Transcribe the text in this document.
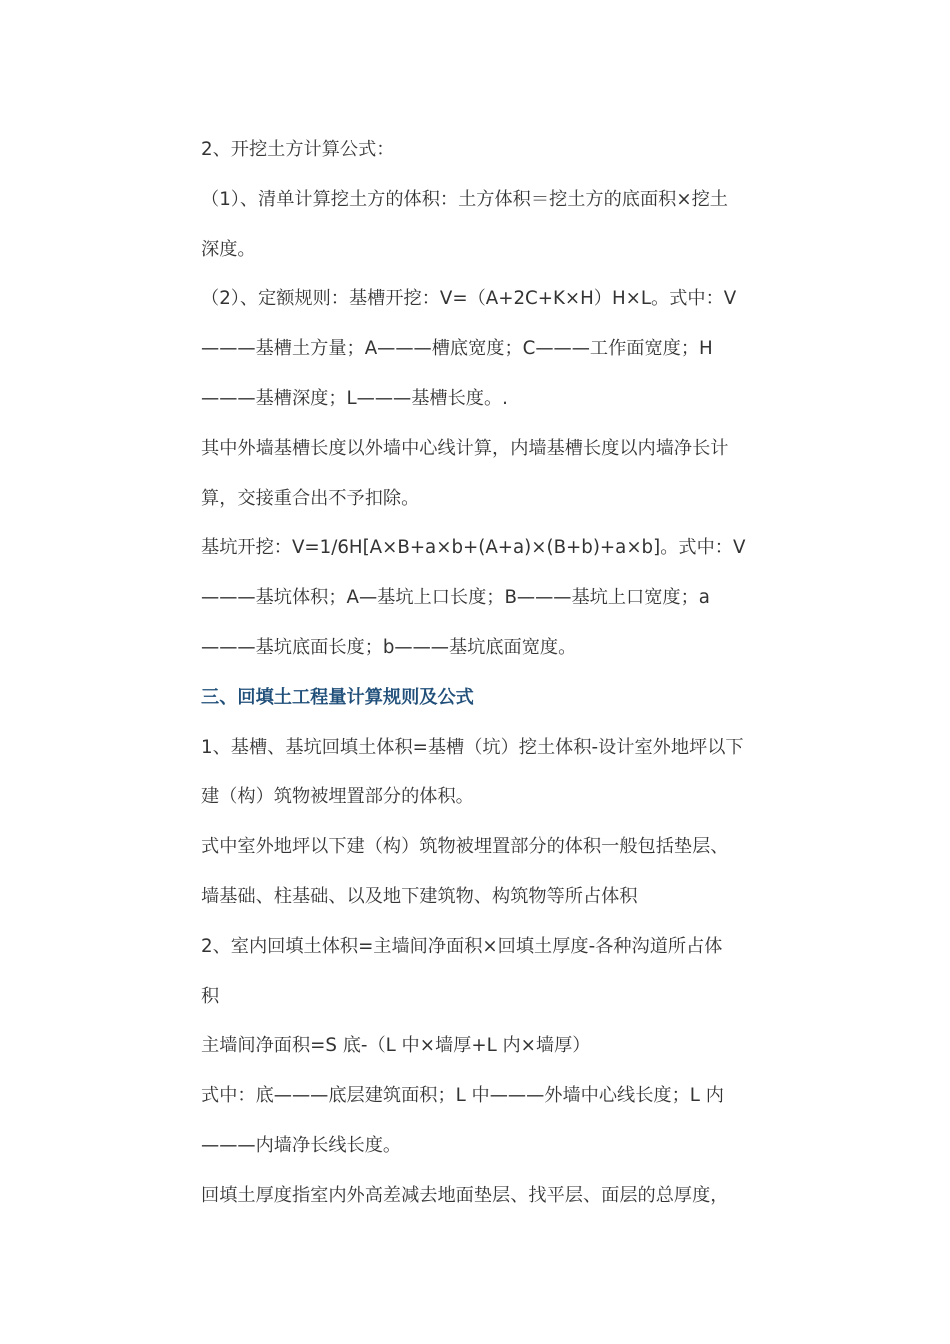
2、开挖土方计算公式：
（1）、清单计算挖土方的体积：土方体积＝挖土方的底面积×挖土
深度。
（2）、定额规则：基槽开挖：V=（A+2C+K×H）H×L。式中：V
———基槽土方量；A———槽底宽度；C———工作面宽度；H
———基槽深度；L———基槽长度。.
其中外墙基槽长度以外墙中心线计算，内墙基槽长度以内墙净长计
算，交接重合出不予扣除。
基坑开挖：V=1/6H[A×B+a×b+(A+a)×(B+b)+a×b]。式中：V
———基坑体积；A—基坑上口长度；B———基坑上口宽度；a
———基坑底面长度；b———基坑底面宽度。
三、回填土工程量计算规则及公式
1、基槽、基坑回填土体积=基槽（坑）挖土体积-设计室外地坪以下
建（构）筑物被埋置部分的体积。
式中室外地坪以下建（构）筑物被埋置部分的体积一般包括垫层、
墙基础、柱基础、以及地下建筑物、构筑物等所占体积
2、室内回填土体积=主墙间净面积×回填土厚度-各种沟道所占体
积
主墙间净面积=S 底-（L 中×墙厚+L 内×墙厚）
式中：底———底层建筑面积；L 中———外墙中心线长度；L 内
———内墙净长线长度。
回填土厚度指室内外高差减去地面垫层、找平层、面层的总厚度，
